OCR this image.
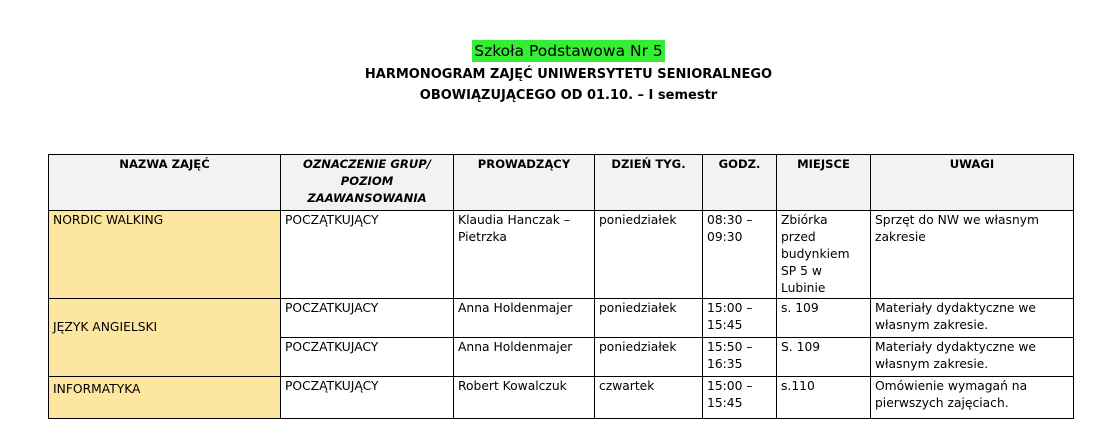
Szkoła Podstawowa Nr 5

HARMONOGRAM ZAJĘĆ UNIWERSYTETU SENIORALNEGO
OBOWIĄZUJĄCEGO OD 01.10. – I semestr
NAZWA ZAJĘĆ	OZNACZENIE GRUP/ POZIOM ZAAWANSOWANIA	PROWADZĄCY	DZIEŃ TYG.	GODZ.	MIEJSCE	UWAGI
NORDIC WALKING	POCZĄTKUJĄCY	Klaudia Hanczak – Pietrzka	poniedziałek	08:30 – 09:30	Zbiórka przed budynkiem SP 5 w Lubinie	Sprzęt do NW we własnym zakresie
JĘZYK ANGIELSKI	POCZATKUJACY	Anna Holdenmajer	poniedziałek	15:00 – 15:45	s. 109	Materiały dydaktyczne we własnym zakresie.
	POCZATKUJACY	Anna Holdenmajer	poniedziałek	15:50 – 16:35	S. 109	Materiały dydaktyczne we własnym zakresie.
INFORMATYKA	POCZĄTKUJĄCY	Robert Kowalczuk	czwartek	15:00 – 15:45	s.110	Omówienie wymagań na pierwszych zajęciach.
